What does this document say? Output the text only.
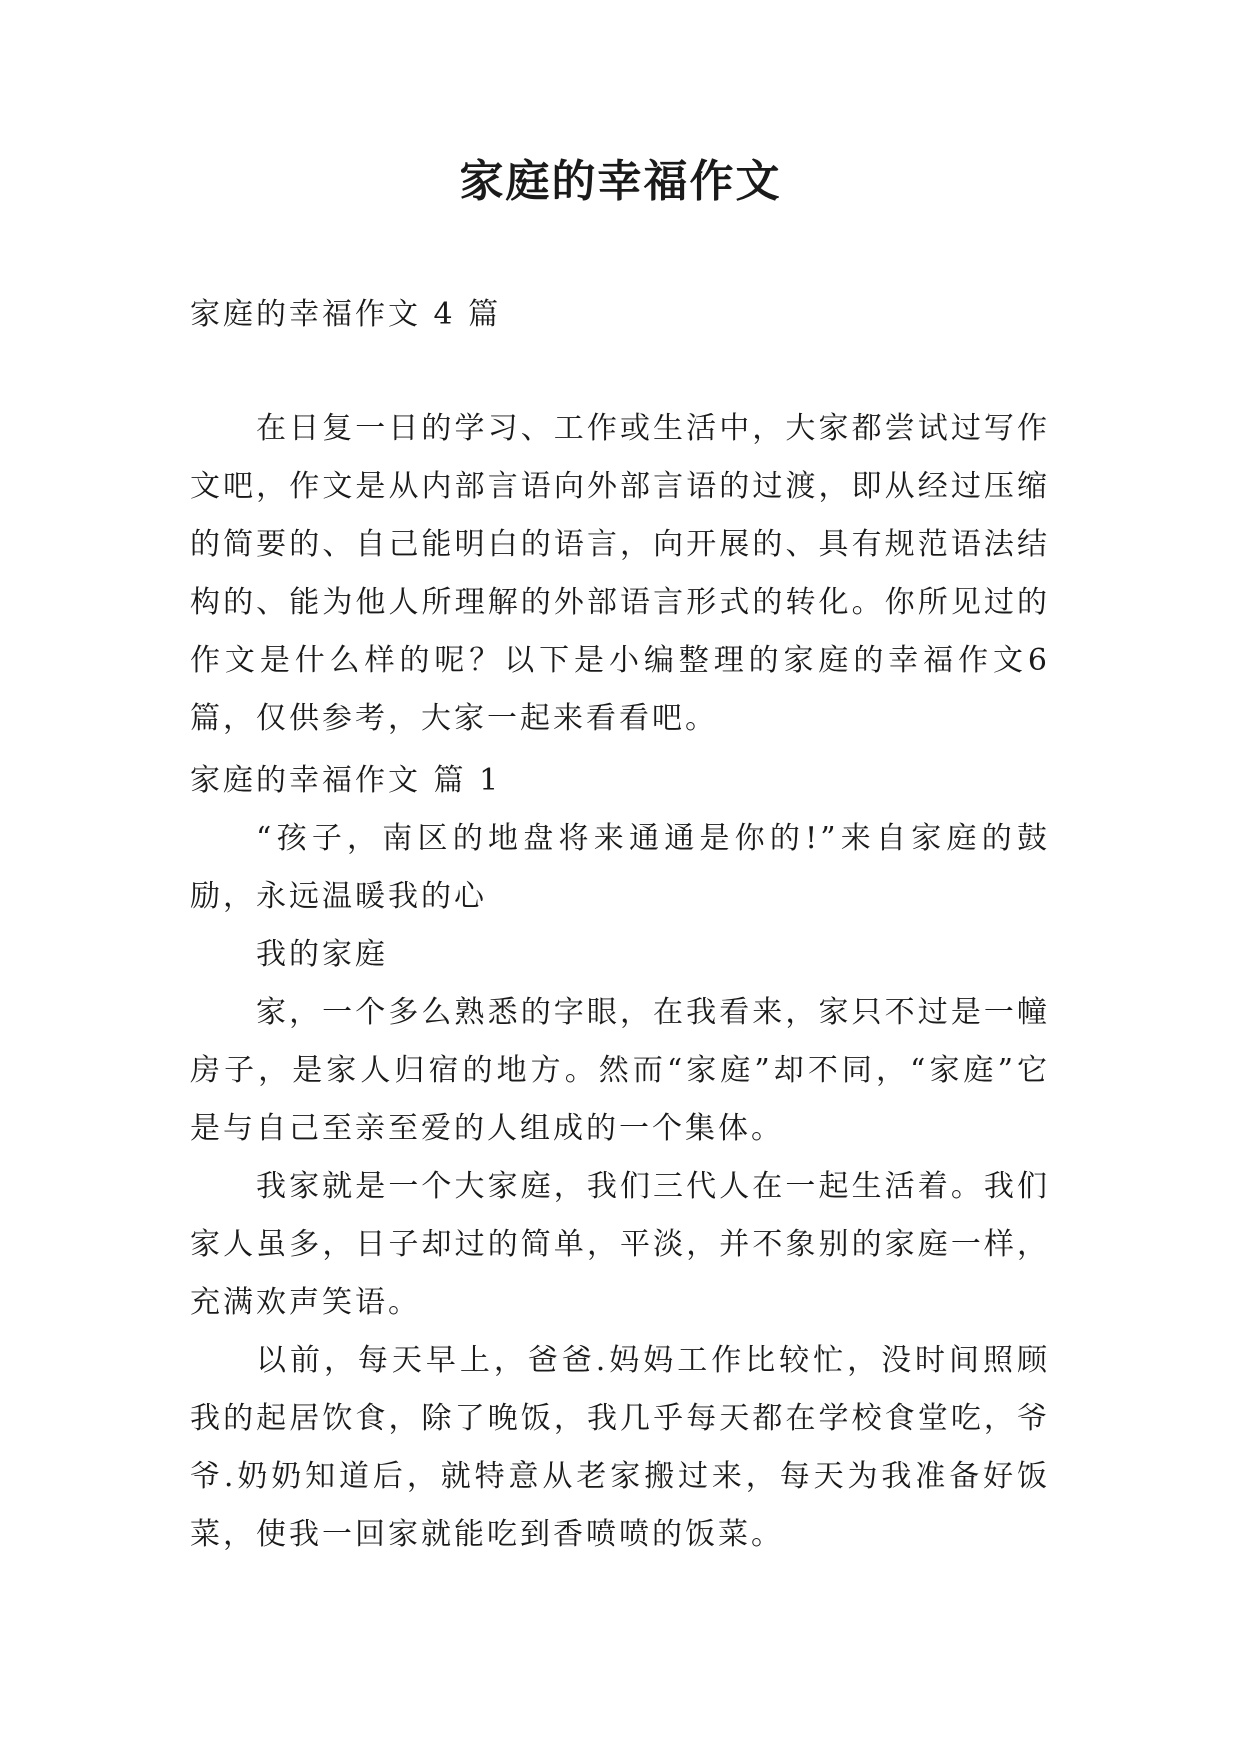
家庭的幸福作文
家庭的幸福作文 4 篇

在日复一日的学习、工作或生活中，大家都尝试过写作文吧，作文是从内部言语向外部言语的过渡，即从经过压缩的简要的、自己能明白的语言，向开展的、具有规范语法结构的、能为他人所理解的外部语言形式的转化。你所见过的作文是什么样的呢？以下是小编整理的家庭的幸福作文6篇，仅供参考，大家一起来看看吧。

家庭的幸福作文 篇 1

“孩子，南区的地盘将来通通是你的!”来自家庭的鼓励，永远温暖我的心

我的家庭

家，一个多么熟悉的字眼，在我看来，家只不过是一幢房子，是家人归宿的地方。然而“家庭”却不同，“家庭”它是与自己至亲至爱的人组成的一个集体。

我家就是一个大家庭，我们三代人在一起生活着。我们家人虽多，日子却过的简单，平淡，并不象别的家庭一样，充满欢声笑语。

以前，每天早上，爸爸.妈妈工作比较忙，没时间照顾我的起居饮食，除了晚饭，我几乎每天都在学校食堂吃，爷爷.奶奶知道后，就特意从老家搬过来，每天为我准备好饭菜，使我一回家就能吃到香喷喷的饭菜。
